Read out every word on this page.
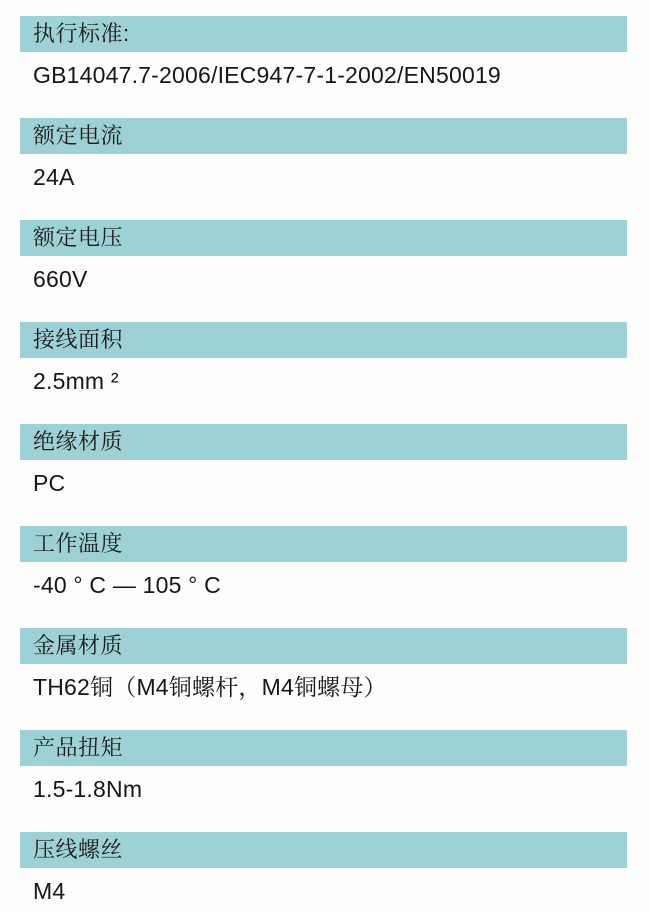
执行标准:
GB14047.7-2006/IEC947-7-1-2002/EN50019
额定电流
24A
额定电压
660V
接线面积
2.5mm ²
绝缘材质
PC
工作温度
-40 ° C — 105 ° C
金属材质
TH62铜（M4铜螺杆，M4铜螺母）
产品扭矩
1.5-1.8Nm
压线螺丝
M4
